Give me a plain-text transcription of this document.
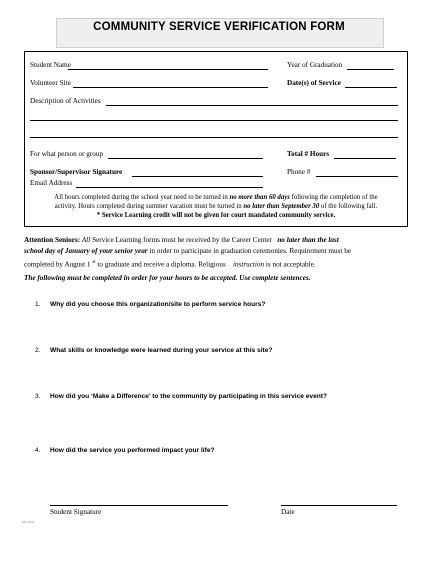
COMMUNITY SERVICE VERIFICATION FORM
Student Name	Year of Graduation
Volunteer Site	Date(s) of Service
Description of Activities
For what person or group	Total # Hours
Sponsor/Supervisor Signature	Phone #
Email Address
All hours completed during the school year need to be turned in no more than 60 days following the completion of the
activity. Hours completed during summer vacation must be turned in no later than September 30 of the following fall.
* Service Learning credit will not be given for court mandated community service.
Attention Seniors: All Service Learning forms must be received by the Career Center no later than the last
school day of January of your senior year in order to participate in graduation ceremonies. Requirement must be
completed by August 1 $^{st}$ to graduate and receive a diploma. Religious instruction is not acceptable.
The following must be completed in order for your hours to be accepted. Use complete sentences.
1. Why did you choose this organization/site to perform service hours?
2. What skills or knowledge were learned during your service at this site?
3. How did you ‘Make a Difference’ to the community by participating in this service event?
4. How did the service you performed impact your life?
Student Signature	Date
(rev 1/11)
